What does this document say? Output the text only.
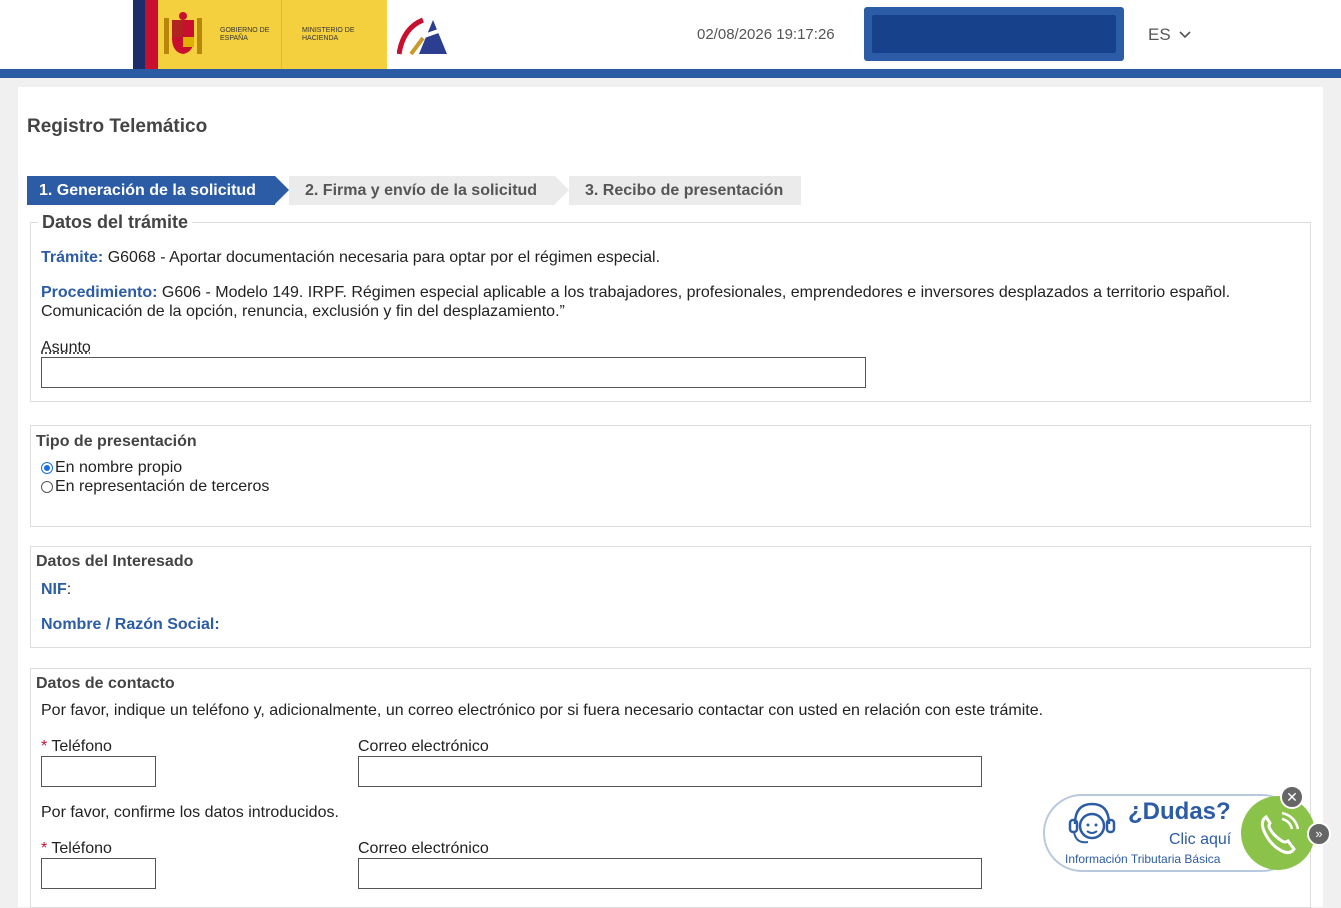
GOBIERNO DE ESPAÑA
MINISTERIO DE HACIENDA	02/08/2026 19:17:26	ES
Registro Telemático
1. Generación de la solicitud	2. Firma y envío de la solicitud	3. Recibo de presentación
Datos del trámite
Trámite: G6068 - Aportar documentación necesaria para optar por el régimen especial.
Procedimiento: G606 - Modelo 149. IRPF. Régimen especial aplicable a los trabajadores, profesionales, emprendedores e inversores desplazados a territorio español.
Comunicación de la opción, renuncia, exclusión y fin del desplazamiento.”
Asunto
Tipo de presentación
En nombre propio
En representación de terceros
Datos del Interesado
NIF:
Nombre / Razón Social:
Datos de contacto
Por favor, indique un teléfono y, adicionalmente, un correo electrónico por si fuera necesario contactar con usted en relación con este trámite.
* Teléfono	Correo electrónico
Por favor, confirme los datos introducidos.
* Teléfono	Correo electrónico
¿Dudas?
Clic aquí
Información Tributaria Básica
✕
»
